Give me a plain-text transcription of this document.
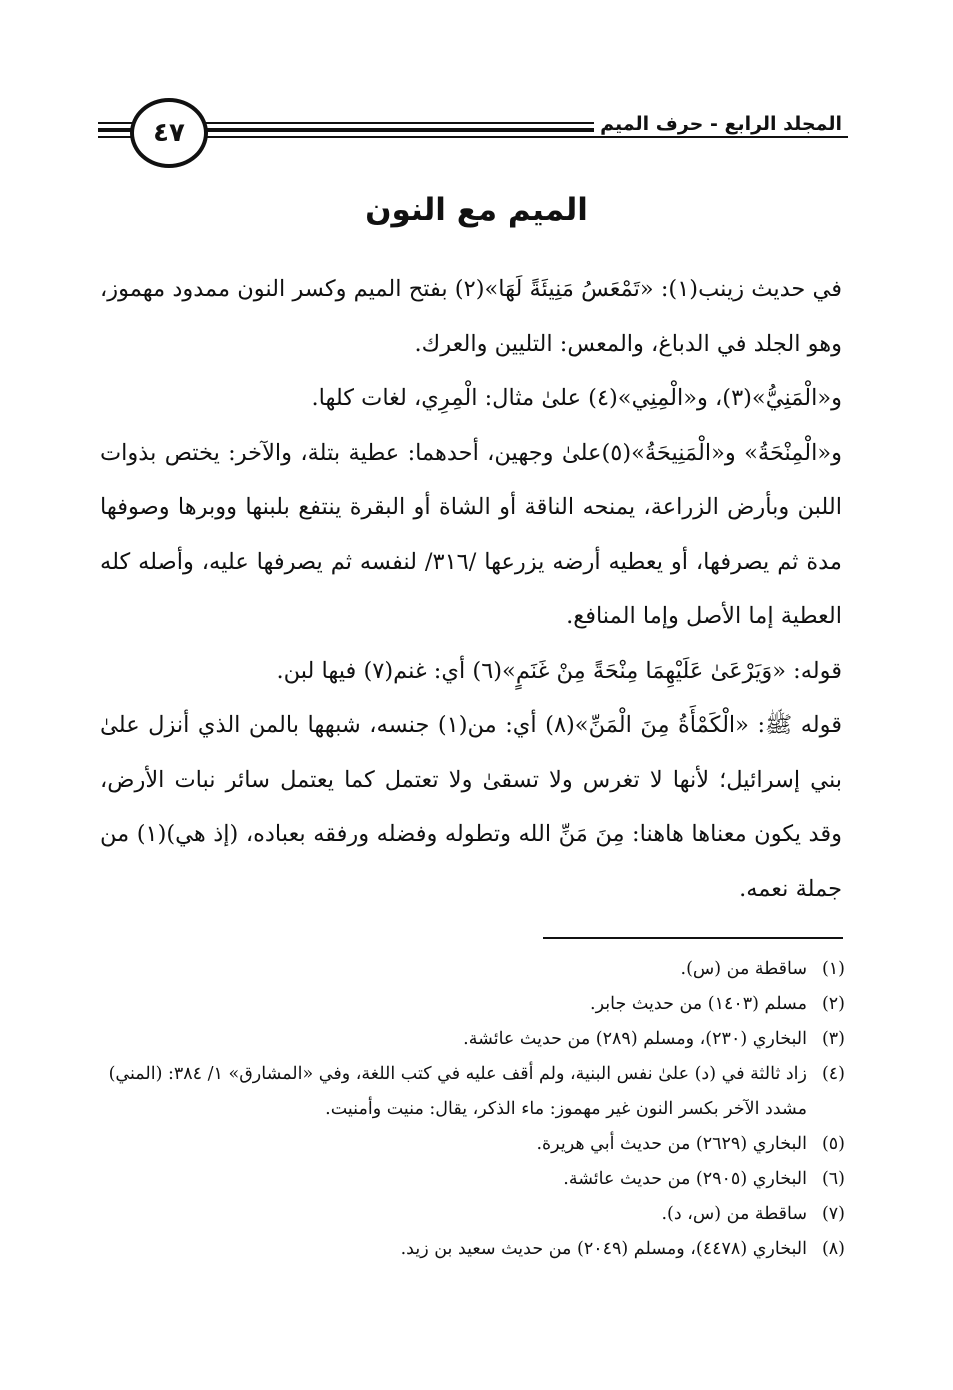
المجلد الرابع - حرف الميم
٤٧
الميم مع النون

في حديث زينب(١): «تَمْعَسُ مَنِيئَةً لَهَا»(٢) بفتح الميم وكسر النون ممدود مهموز، وهو الجلد في الدباغ، والمعس: التليين والعرك.

و«الْمَنِيُّ»(٣)، و«الْمِنِي»(٤) علىٰ مثال: الْمِرِي، لغات كلها.

و«الْمِنْحَةُ» و«الْمَنِيحَةُ»(٥)علىٰ وجهين، أحدهما: عطية بتلة، والآخر: يختص بذوات اللبن وبأرض الزراعة، يمنحه الناقة أو الشاة أو البقرة ينتفع بلبنها ووبرها وصوفها مدة ثم يصرفها، أو يعطيه أرضه يزرعها /٣١٦/ لنفسه ثم يصرفها عليه، وأصله كله العطية إما الأصل وإما المنافع.

قوله: «وَيَرْعَىٰ عَلَيْهِمَا مِنْحَةً مِنْ غَنَمٍ»(٦) أي: غنم(٧) فيها لبن.

قوله ﷺ: «الْكَمْأَةُ مِنَ الْمَنِّ»(٨) أي: من(١) جنسه، شبهها بالمن الذي أنزل علىٰ بني إسرائيل؛ لأنها لا تغرس ولا تسقىٰ ولا تعتمل كما يعتمل سائر نبات الأرض، وقد يكون معناها هاهنا: مِنَ مَنِّ الله وتطوله وفضله ورفقه بعباده، (إذ هي)(١) من جملة نعمه.

(١)
ساقطة من (س).
(٢)
مسلم (١٤٠٣) من حديث جابر.
(٣)
البخاري (٢٣٠)، ومسلم (٢٨٩) من حديث عائشة.
(٤)
زاد ثالثة في (د) علىٰ نفس البنية، ولم أقف عليه في كتب اللغة، وفي «المشارق» ١/ ٣٨٤: (المني) مشدد الآخر بكسر النون غير مهموز: ماء الذكر، يقال: منيت وأمنيت.
(٥)
البخاري (٢٦٢٩) من حديث أبي هريرة.
(٦)
البخاري (٢٩٠٥) من حديث عائشة.
(٧)
ساقطة من (س، د).
(٨)
البخاري (٤٤٧٨)، ومسلم (٢٠٤٩) من حديث سعيد بن زيد.
